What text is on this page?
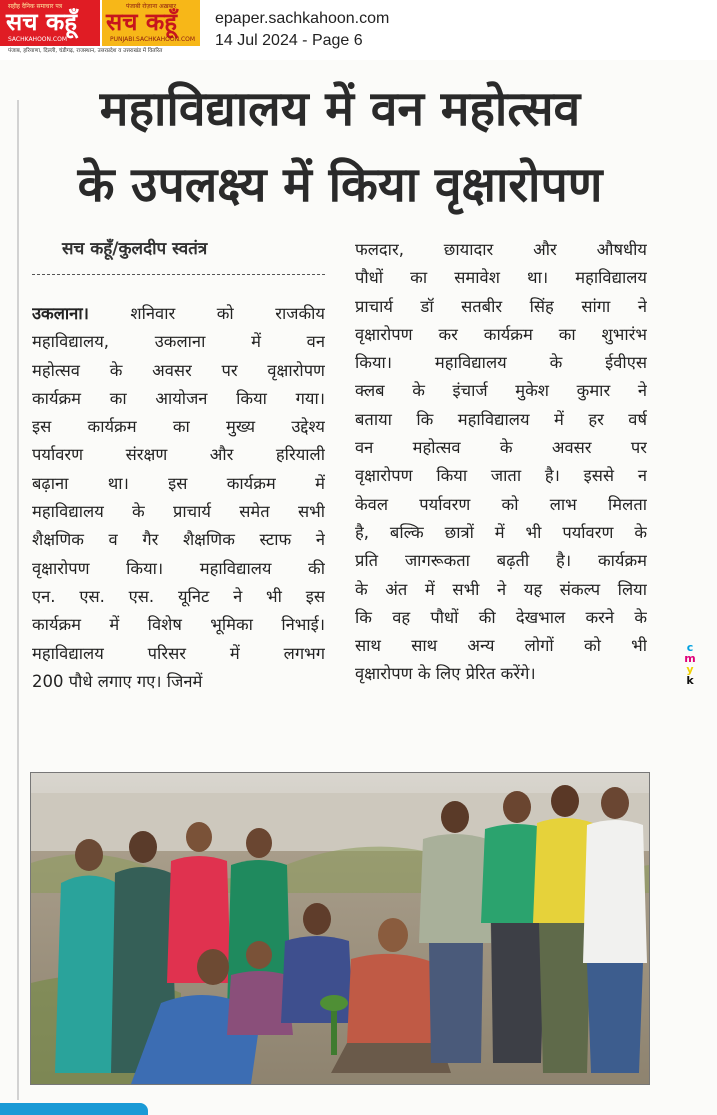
सहीह दैनिक समाचार पत्र
सच कहूँ
SACHKAHOON.COM
पंजाबी रोज़ाना अख़बार
सच कहूँ
PUNJABI.SACHKAHOON.COM
पंजाब, हरियाणा, दिल्ली, चंडीगढ़, राजस्थान, उत्तरप्रदेश व उत्तराखंड में वितरित
epaper.sachkahoon.com
14 Jul 2024 - Page 6
महाविद्यालय में वन महोत्सव
के उपलक्ष्य में किया वृक्षारोपण
सच कहूँ/कुलदीप स्वतंत्र
उकलाना। शनिवार को राजकीय
महाविद्यालय, उकलाना में वन
महोत्सव के अवसर पर वृक्षारोपण
कार्यक्रम का आयोजन किया गया।
इस कार्यक्रम का मुख्य उद्देश्य
पर्यावरण संरक्षण और हरियाली
बढ़ाना था। इस कार्यक्रम में
महाविद्यालय के प्राचार्य समेत सभी
शैक्षणिक व गैर शैक्षणिक स्टाफ ने
वृक्षारोपण किया। महाविद्यालय की
एन. एस. एस. यूनिट ने भी इस
कार्यक्रम में विशेष भूमिका निभाई।
महाविद्यालय परिसर में लगभग
200 पौधे लगाए गए। जिनमें
फलदार, छायादार और औषधीय
पौधों का समावेश था। महाविद्यालय
प्राचार्य डॉ सतबीर सिंह सांगा ने
वृक्षारोपण कर कार्यक्रम का शुभारंभ
किया। महाविद्यालय के ईवीएस
क्लब के इंचार्ज मुकेश कुमार ने
बताया कि महाविद्यालय में हर वर्ष
वन महोत्सव के अवसर पर
वृक्षारोपण किया जाता है। इससे न
केवल पर्यावरण को लाभ मिलता
है, बल्कि छात्रों में भी पर्यावरण के
प्रति जागरूकता बढ़ती है। कार्यक्रम
के अंत में सभी ने यह संकल्प लिया
कि वह पौधों की देखभाल करने के
साथ साथ अन्य लोगों को भी
वृक्षारोपण के लिए प्रेरित करेंगे।
c
m
y
k
